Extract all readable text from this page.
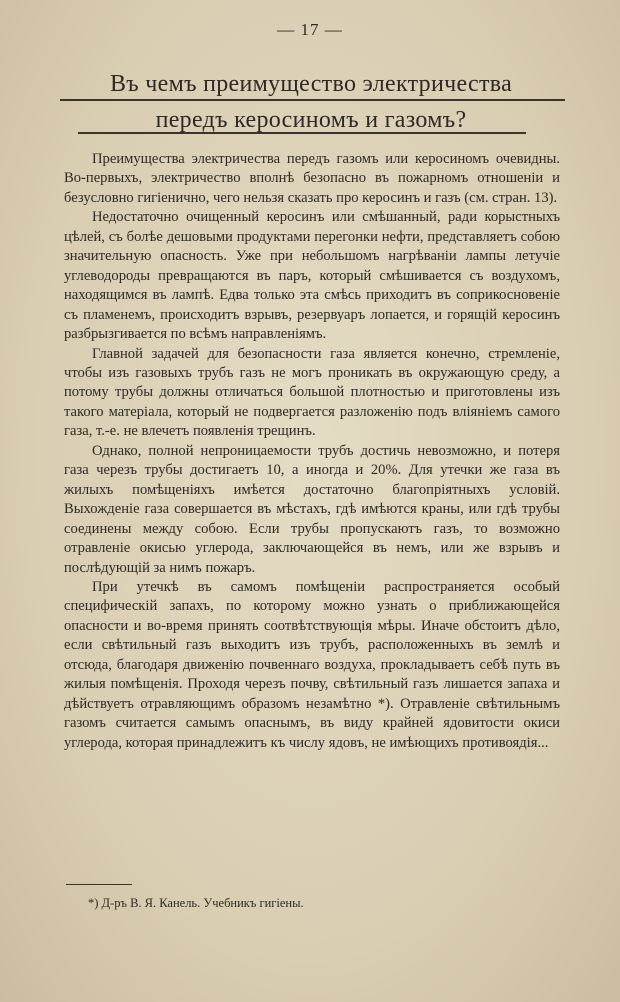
— 17 —
Въ чемъ преимущество электричества
передъ керосиномъ и газомъ?

Преимущества электричества передъ газомъ или керосиномъ очевидны. Во-первыхъ, электричество вполнѣ безопасно въ пожарномъ отношенiи и безусловно гигiенично, чего нельзя сказать про керосинъ и газъ (см. стран. 13).

Недостаточно очищенный керосинъ или смѣшанный, ради корыстныхъ цѣлей, съ болѣе дешовыми продуктами перегонки нефти, представляетъ собою значительную опасность. Уже при небольшомъ нагрѣванiи лампы летучiе углеводороды превращаются въ паръ, который смѣшивается съ воздухомъ, находящимся въ лампѣ. Едва только эта смѣсь приходитъ въ соприкосновенiе съ пламенемъ, происходитъ взрывъ, резервуаръ лопается, и горящiй керосинъ разбрызгивается по всѣмъ направленiямъ.

Главной задачей для безопасности газа является конечно, стремленiе, чтобы изъ газовыхъ трубъ газъ не могъ проникать въ окружающую среду, а потому трубы должны отличаться большой плотностью и приготовлены изъ такого матерiала, который не подвергается разложенiю подъ влiянiемъ самого газа, т.-е. не влечетъ появленiя трещинъ.

Однако, полной непроницаемости трубъ достичь невозможно, и потеря газа черезъ трубы достигаетъ 10, а иногда и 20%. Для утечки же газа въ жилыхъ помѣщенiяхъ имѣется достаточно благопрiятныхъ условiй. Выхожденiе газа совершается въ мѣстахъ, гдѣ имѣются краны, или гдѣ трубы соединены между собою. Если трубы пропускаютъ газъ, то возможно отравленiе окисью углерода, заключающейся въ немъ, или же взрывъ и послѣдующiй за нимъ пожаръ.

При утечкѣ въ самомъ помѣщенiи распространяется особый специфическiй запахъ, по которому можно узнать о приближающейся опасности и во-время принять соотвѣтствующiя мѣры. Иначе обстоитъ дѣло, если свѣтильный газъ выходитъ изъ трубъ, расположенныхъ въ землѣ и отсюда, благодаря движенiю почвеннаго воздуха, прокладываетъ себѣ путь въ жилыя помѣщенiя. Проходя черезъ почву, свѣтильный газъ лишается запаха и дѣйствуетъ отравляющимъ образомъ незамѣтно *). Отравленiе свѣтильнымъ газомъ считается самымъ опаснымъ, въ виду крайней ядовитости окиси углерода, которая принадлежитъ къ числу ядовъ, не имѣющихъ противоядiя...

*) Д-ръ В. Я. Канель. Учебникъ гигiены.
